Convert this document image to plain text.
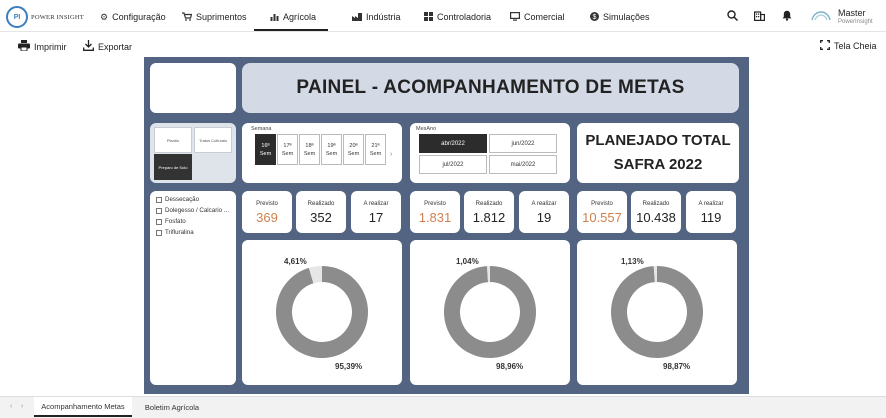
PI	POWER INSIGHT ⚙ Configuração	Suprimentos	Agrícola	Indústria	Controladoria	Comercial	$ Simulações	Master
PowerInsight
Imprimir	Exportar	Tela Cheia
PAINEL - ACOMPANHAMENTO DE METAS
Plantio	Tratos Culturais
Preparo de Solo
Dessecação
Dolegesso / Calcario ...
Fosfato
Trifluralina
Semana
16ª
Sem
17ª
Sem
18ª
Sem
19ª
Sem
20ª
Sem
21ª
Sem ›
MesAno
abr/2022	jun/2022
jul/2022	mai/2022
PLANEJADO TOTAL
SAFRA 2022
Previsto
369
Realizado
352
A realizar
17
Previsto
1.831
Realizado
1.812
A realizar
19
Previsto
10.557
Realizado
10.438
A realizar
119
4,61%
95,39%
1,04%
98,96%
1,13%
98,87%
‹ ›	Acompanhamento Metas	Boletim Agrícola
